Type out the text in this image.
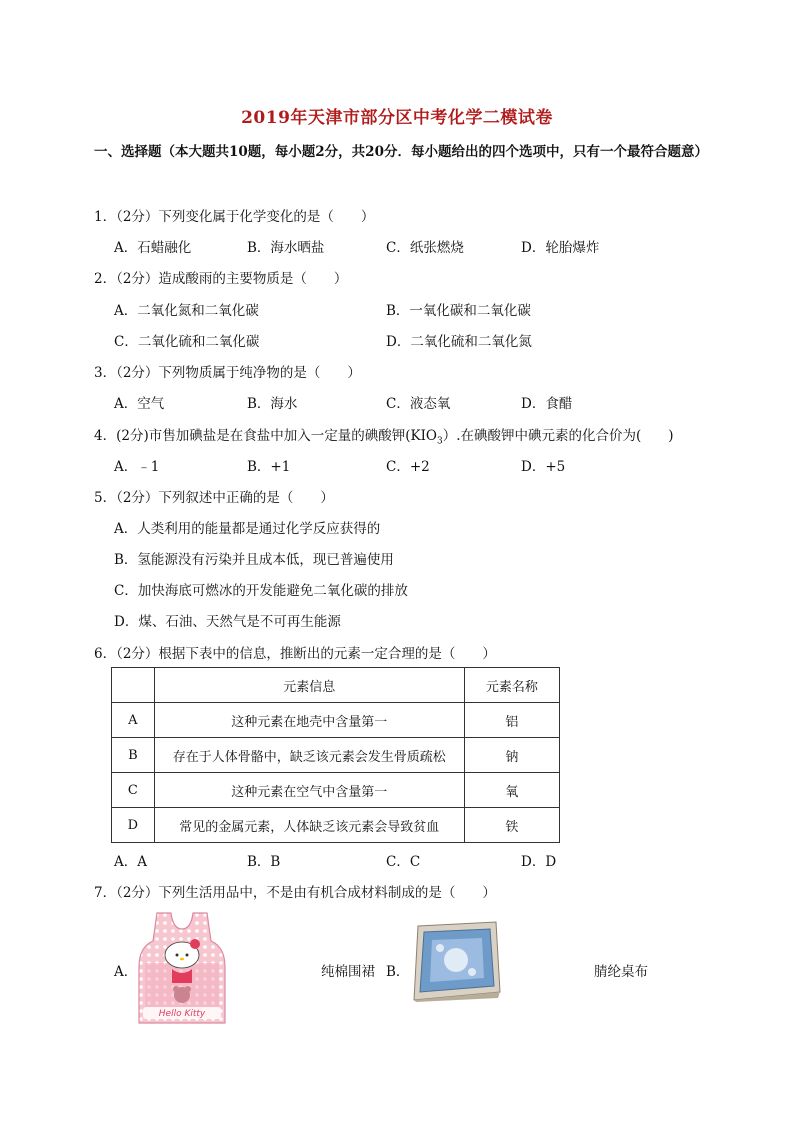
2019年天津市部分区中考化学二模试卷
一、选择题（本大题共10题，每小题2分，共20分．每小题给出的四个选项中，只有一个最符合题意）
1．（2分）下列变化属于化学变化的是（　　）
A．石蜡融化	B．海水晒盐	C．纸张燃烧	D．轮胎爆炸
2．（2分）造成酸雨的主要物质是（　　）
A．二氧化氮和二氧化碳	B．一氧化碳和二氧化碳
C．二氧化硫和二氧化碳	D．二氧化硫和二氧化氮
3．（2分）下列物质属于纯净物的是（　　）
A．空气	B．海水	C．液态氧	D．食醋
4．(2分)市售加碘盐是在食盐中加入一定量的碘酸钾$(KIO_3)$.在碘酸钾中碘元素的化合价为(　　)
A．﹣1	B．+1	C．+2	D．+5
5．（2分）下列叙述中正确的是（　　）
A．人类利用的能量都是通过化学反应获得的
B．氢能源没有污染并且成本低，现已普遍使用
C．加快海底可燃冰的开发能避免二氧化碳的排放
D．煤、石油、天然气是不可再生能源
6．（2分）根据下表中的信息，推断出的元素一定合理的是（　　）
	元素信息	元素名称
A	这种元素在地壳中含量第一	铝
B	存在于人体骨骼中，缺乏该元素会发生骨质疏松	钠
C	这种元素在空气中含量第一	氧
D	常见的金属元素，人体缺乏该元素会导致贫血	铁
A．A	B．B	C．C	D．D
7．（2分）下列生活用品中，不是由有机合成材料制成的是（　　）
A．
Hello Kitty
纯棉围裙 B．	腈纶桌布
